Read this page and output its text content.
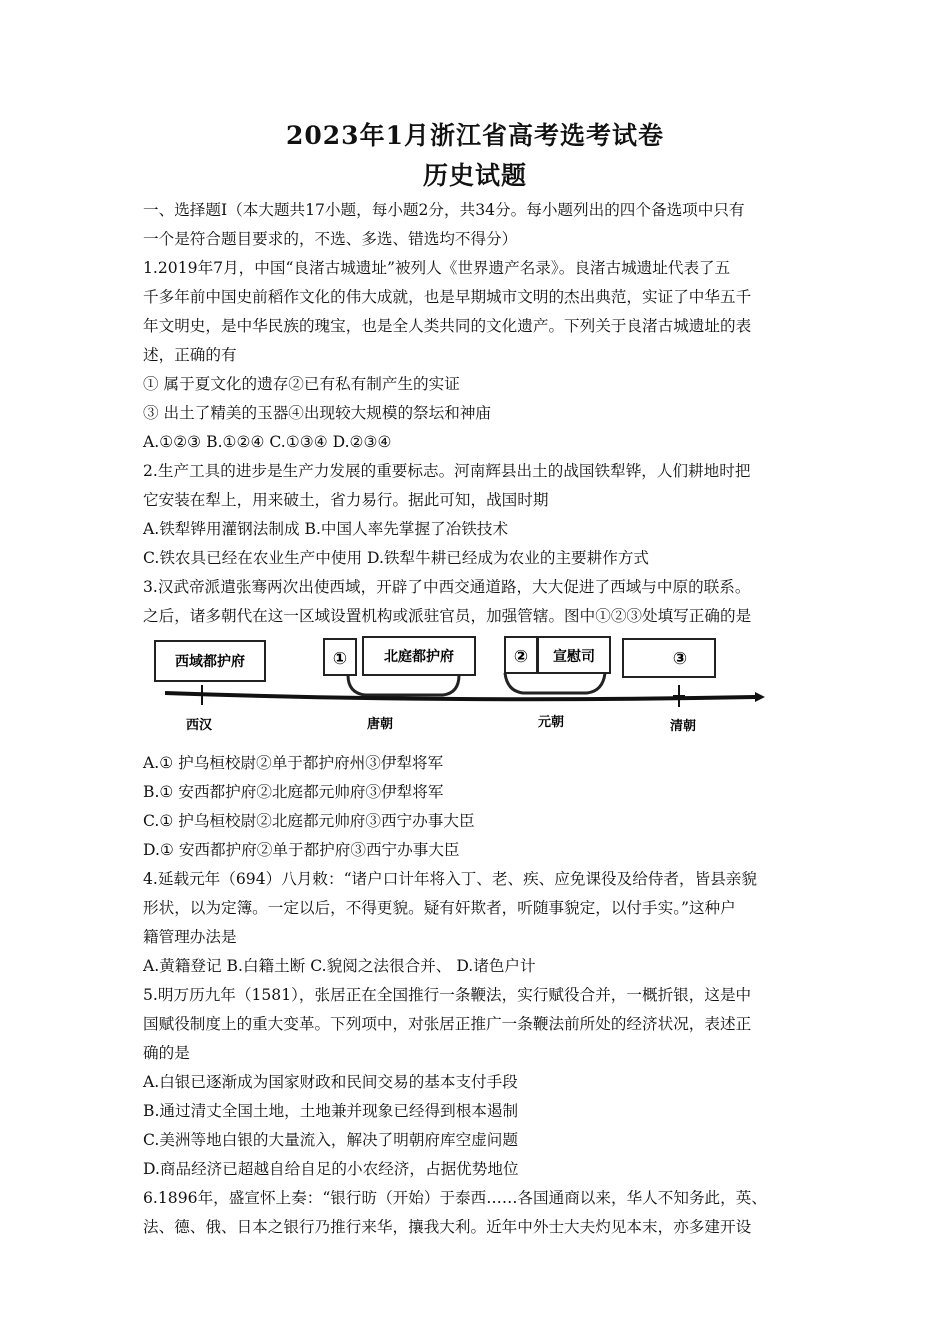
2023年1月浙江省高考选考试卷
历史试题
一、选择题Ⅰ（本大题共17小题，每小题2分，共34分。每小题列出的四个备选项中只有
一个是符合题目要求的，不选、多选、错选均不得分）
1.2019年7月，中国“良渚古城遗址”被列人《世界遗产名录》。良渚古城遗址代表了五
千多年前中国史前稻作文化的伟大成就，也是早期城市文明的杰出典范，实证了中华五千
年文明史，是中华民族的瑰宝，也是全人类共同的文化遗产。下列关于良渚古城遗址的表
述，正确的有
① 属于夏文化的遗存②已有私有制产生的实证
③ 出土了精美的玉器④出现较大规模的祭坛和神庙
A.①②③ B.①②④ C.①③④ D.②③④
2.生产工具的进步是生产力发展的重要标志。河南辉县出土的战国铁犁铧，人们耕地时把
它安装在犁上，用来破土，省力易行。据此可知，战国时期
A.铁犁铧用灌钢法制成 B.中国人率先掌握了冶铁技术
C.铁农具已经在农业生产中使用 D.铁犁牛耕已经成为农业的主要耕作方式
3.汉武帝派遣张骞两次出使西域，开辟了中西交通道路，大大促进了西域与中原的联系。
之后，诸多朝代在这一区域设置机构或派驻官员，加强管辖。图中①②③处填写正确的是
西域都护府	①	北庭都护府	② 宣慰司	③
西汉	唐朝	元朝	清朝
A.① 护乌桓校尉②单于都护府州③伊犁将军
B.① 安西都护府②北庭都元帅府③伊犁将军
C.① 护乌桓校尉②北庭都元帅府③西宁办事大臣
D.① 安西都护府②单于都护府③西宁办事大臣
4.延载元年（694）八月敕：“诸户口计年将入丁、老、疾、应免课役及给侍者，皆县亲貌
形状，以为定簿。一定以后，不得更貌。疑有奸欺者，听随事貌定，以付手实。”这种户
籍管理办法是
A.黄籍登记 B.白籍土断 C.貌阅之法很合并、 D.诸色户计
5.明万历九年（1581），张居正在全国推行一条鞭法，实行赋役合并，一概折银，这是中
国赋役制度上的重大变革。下列项中，对张居正推广一条鞭法前所处的经济状况，表述正
确的是
A.白银已逐渐成为国家财政和民间交易的基本支付手段
B.通过清丈全国土地，土地兼并现象已经得到根本遏制
C.美洲等地白银的大量流入，解决了明朝府库空虚问题
D.商品经济已超越自给自足的小农经济，占据优势地位
6.1896年，盛宣怀上奏：“银行昉（开始）于泰西……各国通商以来，华人不知务此，英、
法、德、俄、日本之银行乃推行来华，攘我大利。近年中外士大夫灼见本末，亦多建开设
